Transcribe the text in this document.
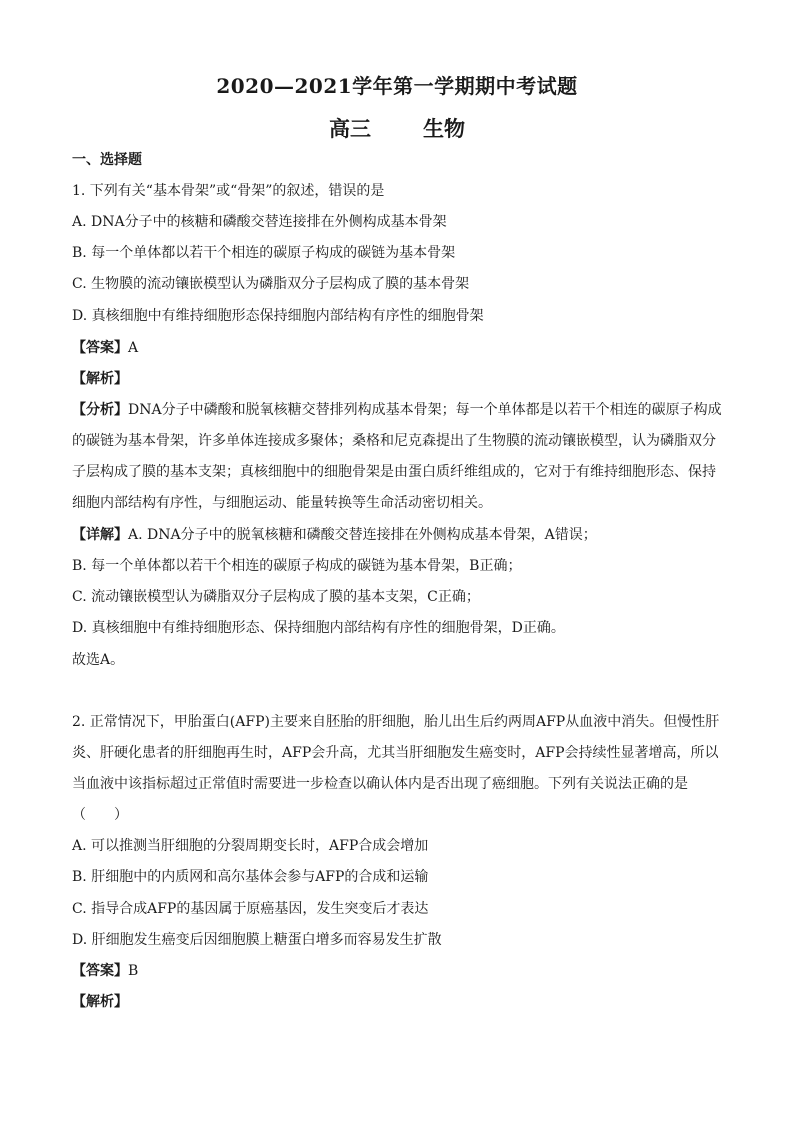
2020—2021学年第一学期期中考试题
高三 生物
一、选择题
1. 下列有关“基本骨架”或“骨架”的叙述，错误的是
A. DNA分子中的核糖和磷酸交替连接排在外侧构成基本骨架
B. 每一个单体都以若干个相连的碳原子构成的碳链为基本骨架
C. 生物膜的流动镶嵌模型认为磷脂双分子层构成了膜的基本骨架
D. 真核细胞中有维持细胞形态保持细胞内部结构有序性的细胞骨架
【答案】A
【解析】
【分析】DNA分子中磷酸和脱氧核糖交替排列构成基本骨架；每一个单体都是以若干个相连的碳原子构成
的碳链为基本骨架，许多单体连接成多聚体；桑格和尼克森提出了生物膜的流动镶嵌模型，认为磷脂双分
子层构成了膜的基本支架；真核细胞中的细胞骨架是由蛋白质纤维组成的，它对于有维持细胞形态、保持
细胞内部结构有序性，与细胞运动、能量转换等生命活动密切相关。
【详解】A. DNA分子中的脱氧核糖和磷酸交替连接排在外侧构成基本骨架，A错误；
B. 每一个单体都以若干个相连的碳原子构成的碳链为基本骨架，B正确；
C. 流动镶嵌模型认为磷脂双分子层构成了膜的基本支架，C正确；
D. 真核细胞中有维持细胞形态、保持细胞内部结构有序性的细胞骨架，D正确。
故选A。
2. 正常情况下，甲胎蛋白(AFP)主要来自胚胎的肝细胞，胎儿出生后约两周AFP从血液中消失。但慢性肝
炎、肝硬化患者的肝细胞再生时，AFP会升高，尤其当肝细胞发生癌变时，AFP会持续性显著增高，所以
当血液中该指标超过正常值时需要进一步检查以确认体内是否出现了癌细胞。下列有关说法正确的是
（　　）
A. 可以推测当肝细胞的分裂周期变长时，AFP合成会增加
B. 肝细胞中的内质网和高尔基体会参与AFP的合成和运输
C. 指导合成AFP的基因属于原癌基因，发生突变后才表达
D. 肝细胞发生癌变后因细胞膜上糖蛋白增多而容易发生扩散
【答案】B
【解析】
